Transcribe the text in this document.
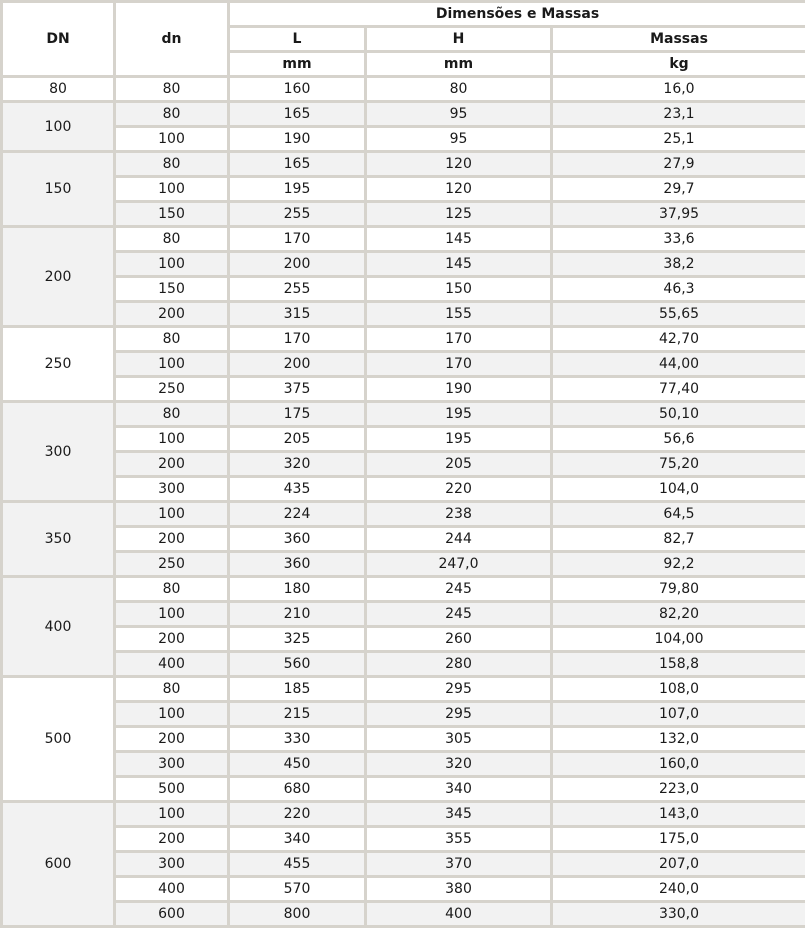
DN	dn	Dimensões e Massas		
		L	H	Massas
		mm	mm	kg
80	80	160	80	16,0
100	80	165	95	23,1
	100	190	95	25,1
150	80	165	120	27,9
	100	195	120	29,7
	150	255	125	37,95
200	80	170	145	33,6
	100	200	145	38,2
	150	255	150	46,3
	200	315	155	55,65
250	80	170	170	42,70
	100	200	170	44,00
	250	375	190	77,40
300	80	175	195	50,10
	100	205	195	56,6
	200	320	205	75,20
	300	435	220	104,0
350	100	224	238	64,5
	200	360	244	82,7
	250	360	247,0	92,2
400	80	180	245	79,80
	100	210	245	82,20
	200	325	260	104,00
	400	560	280	158,8
500	80	185	295	108,0
	100	215	295	107,0
	200	330	305	132,0
	300	450	320	160,0
	500	680	340	223,0
600	100	220	345	143,0
	200	340	355	175,0
	300	455	370	207,0
	400	570	380	240,0
	600	800	400	330,0
